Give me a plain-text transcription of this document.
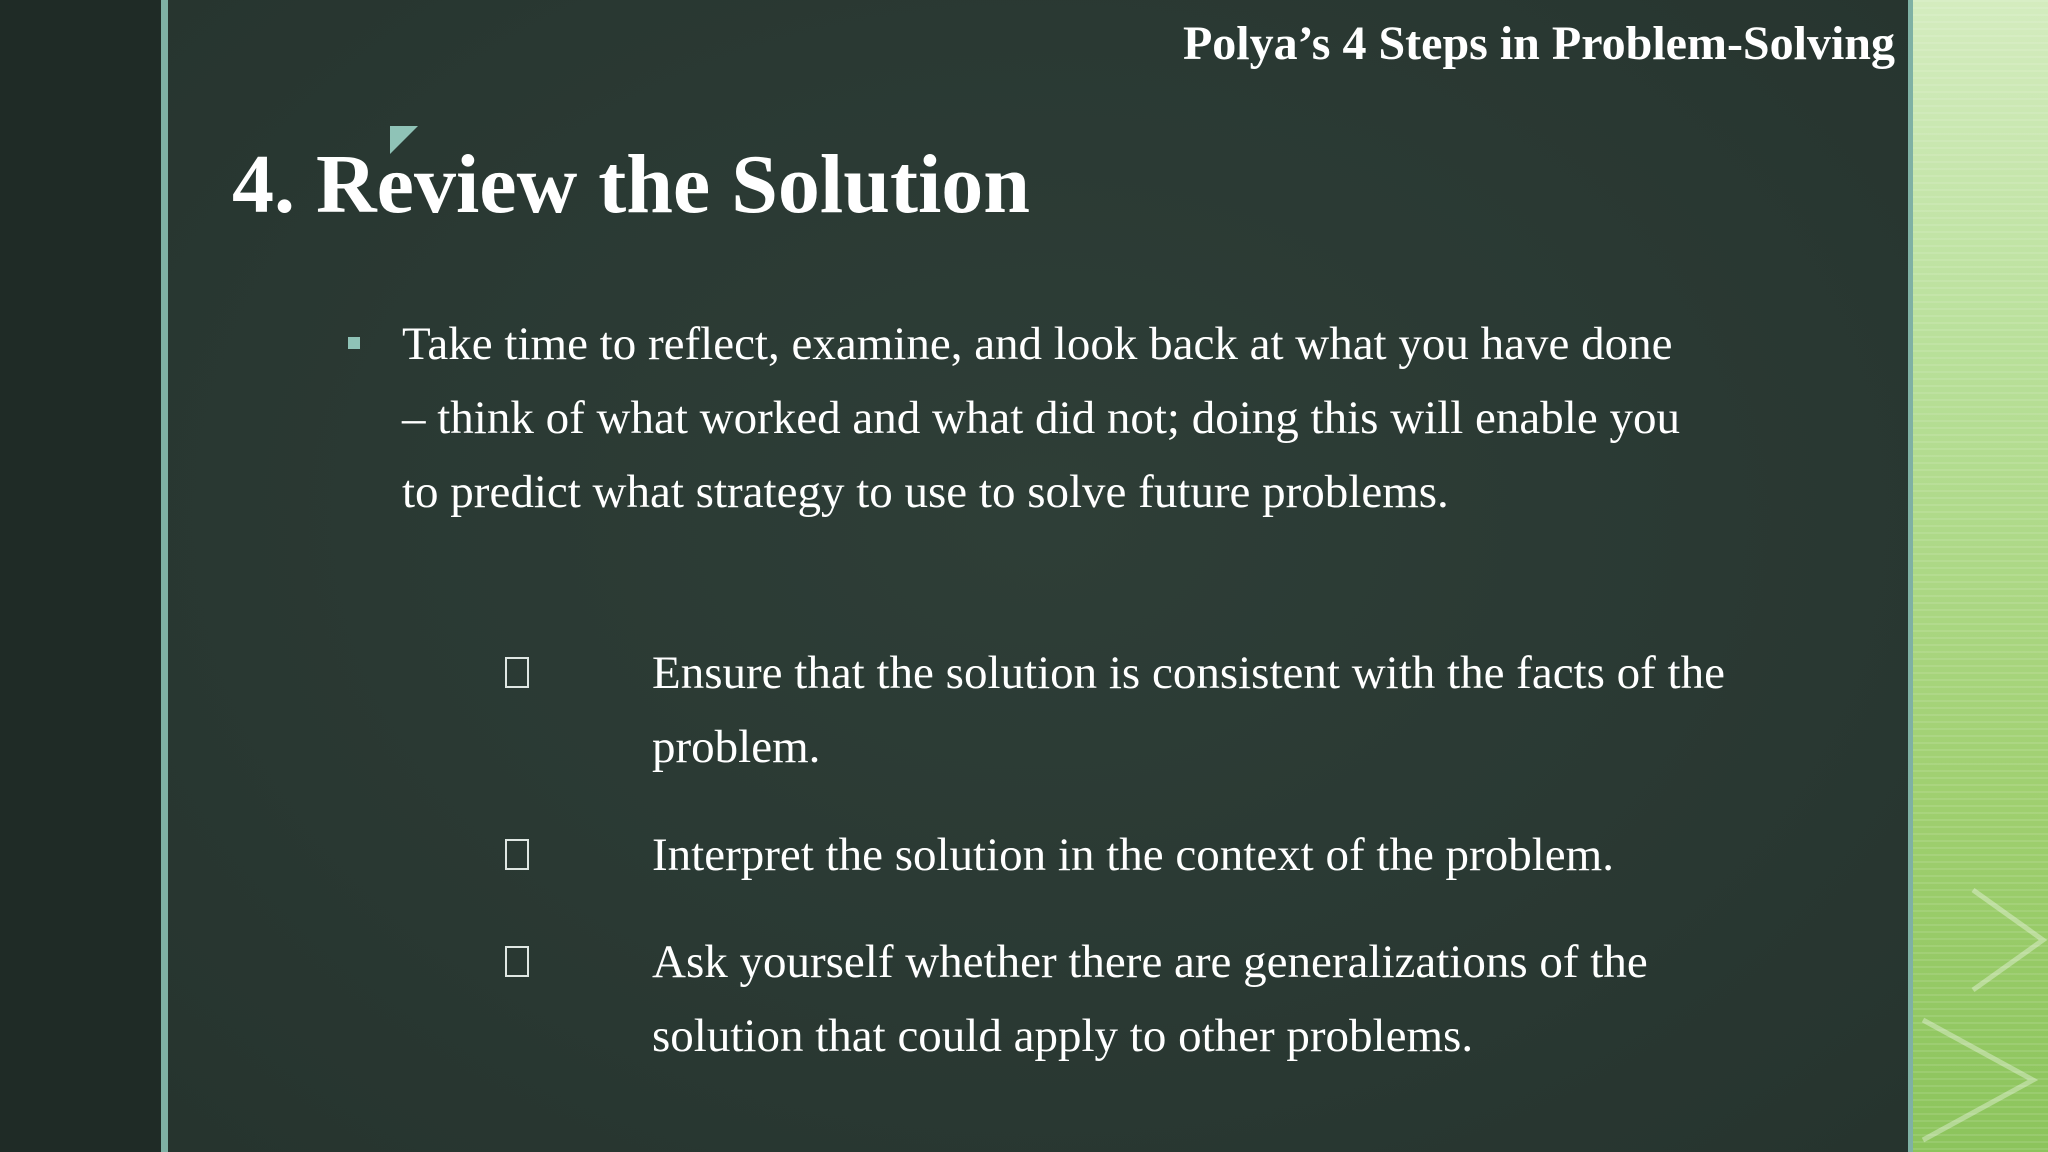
Polya’s 4 Steps in Problem-Solving
4. Review the Solution

Take time to reflect, examine, and look back at what you have done – think of what worked and what did not; doing this will enable you to predict what strategy to use to solve future problems.

Ensure that the solution is consistent with the facts of the problem.

Interpret the solution in the context of the problem.

Ask yourself whether there are generalizations of the solution that could apply to other problems.
